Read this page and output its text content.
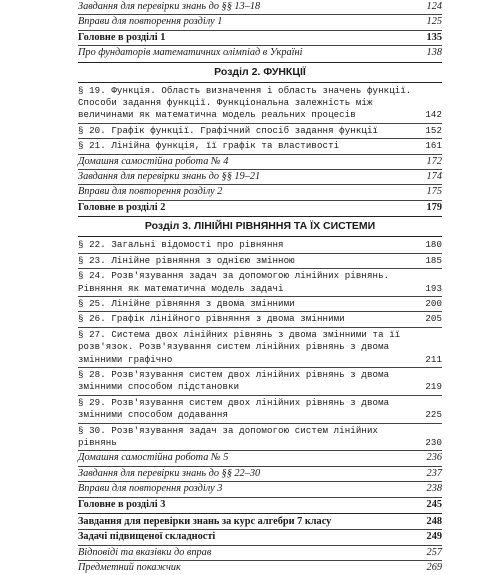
Завдання для перевірки знань до §§ 13–18	124
Вправи для повторення розділу 1	125
Головне в розділі 1	135
Про фундаторів математичних олімпіад в Україні	138
Розділ 2. ФУНКЦІЇ
§ 19. Функція. Область визначення і область значень функції. Способи задання функції. Функціональна залежність між величинами як математична модель реальних процесів	142
§ 20. Графік функції. Графічний спосіб задання функції	152
§ 21. Лінійна функція, її графік та властивості	161
Домашня самостійна робота № 4	172
Завдання для перевірки знань до §§ 19–21	174
Вправи для повторення розділу 2	175
Головне в розділі 2	179
Розділ 3. ЛІНІЙНІ РІВНЯННЯ ТА ЇХ СИСТЕМИ
§ 22. Загальні відомості про рівняння	180
§ 23. Лінійне рівняння з однією змінною	185
§ 24. Розв'язування задач за допомогою лінійних рівнянь. Рівняння як математична модель задачі	193
§ 25. Лінійне рівняння з двома змінними	200
§ 26. Графік лінійного рівняння з двома змінними	205
§ 27. Система двох лінійних рівнянь з двома змінними та її розв'язок. Розв'язування систем лінійних рівнянь з двома змінними графічно	211
§ 28. Розв'язування систем двох лінійних рівнянь з двома змінними способом підстановки	219
§ 29. Розв'язування систем двох лінійних рівнянь з двома змінними способом додавання	225
§ 30. Розв'язування задач за допомогою систем лінійних рівнянь	230
Домашня самостійна робота № 5	236
Завдання для перевірки знань до §§ 22–30	237
Вправи для повторення розділу 3	238
Головне в розділі 3	245
Завдання для перевірки знань за курс алгебри 7 класу	248
Задачі підвищеної складності	249
Відповіді та вказівки до вправ	257
Предметний покажчик	269
